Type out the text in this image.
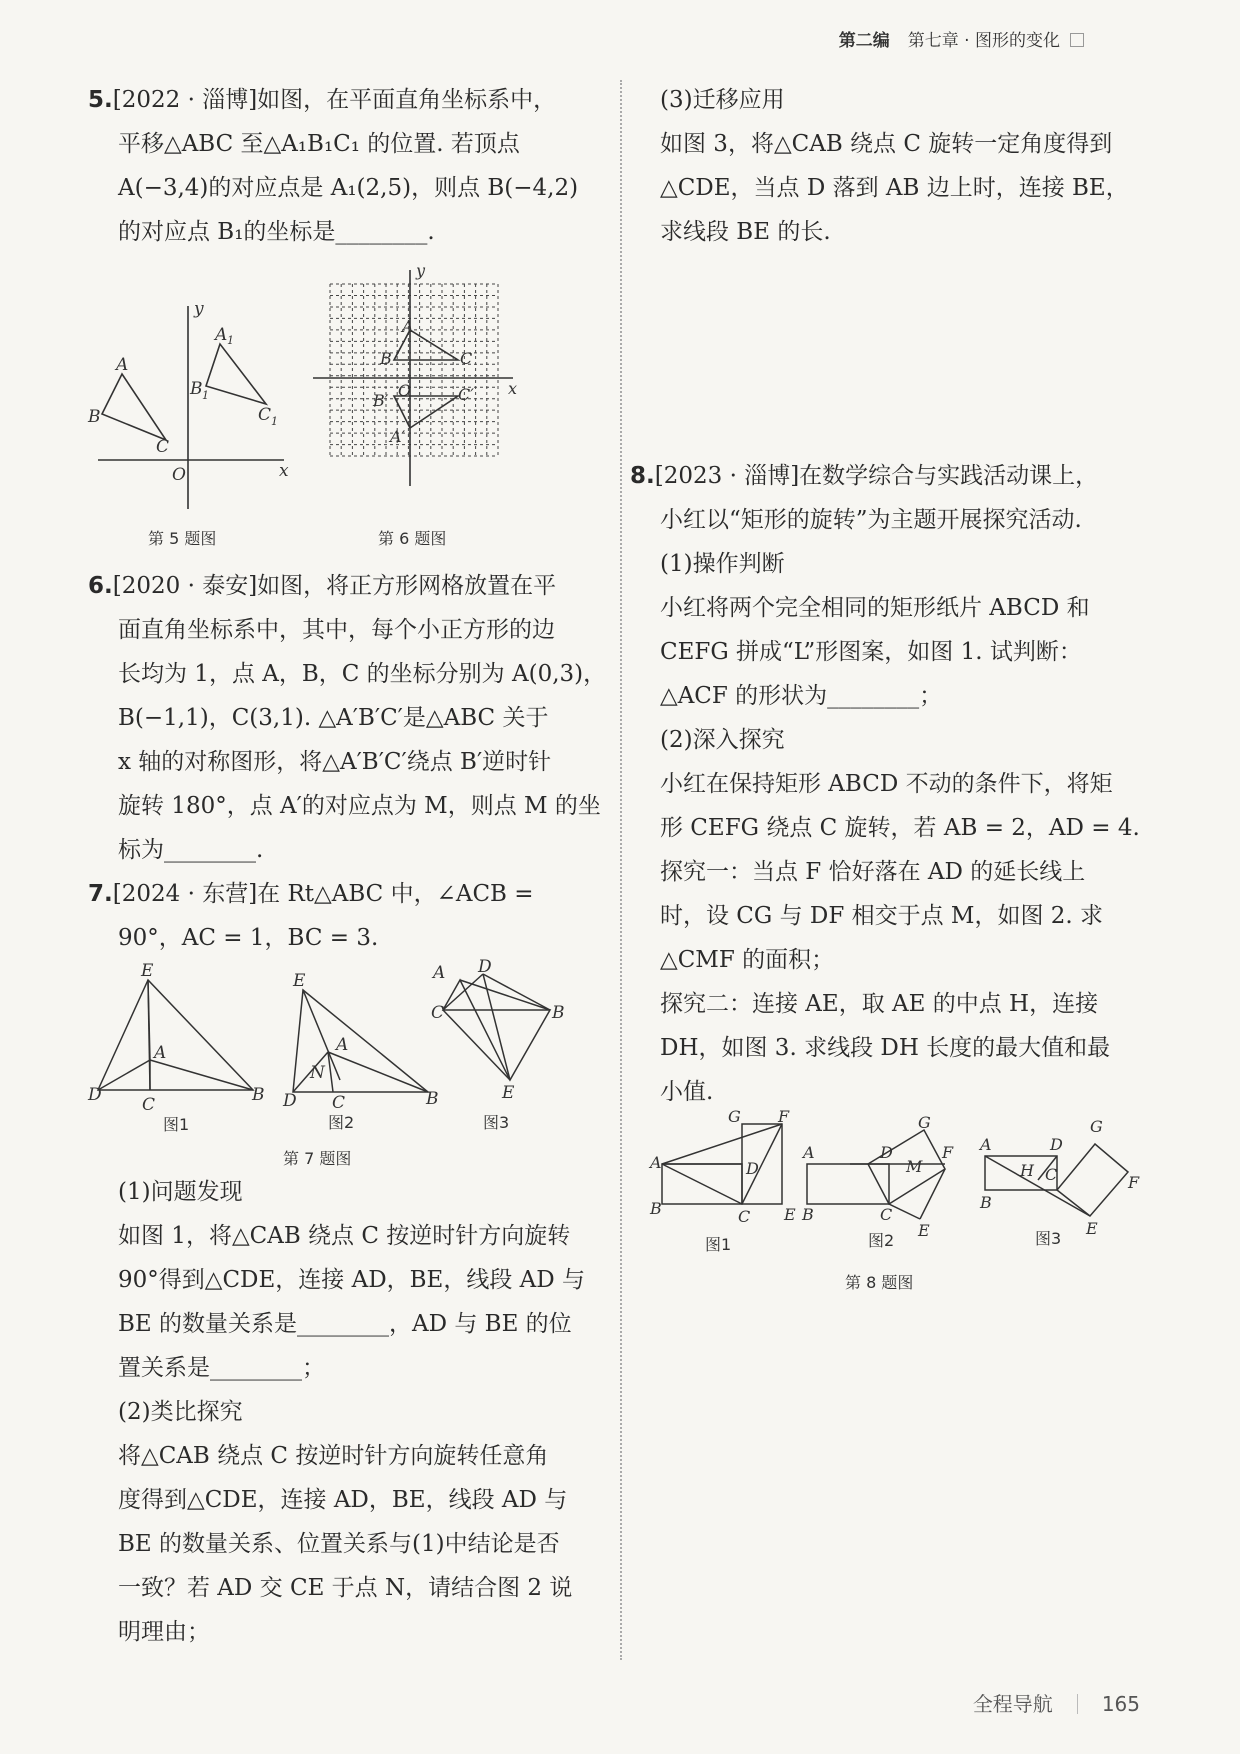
第二编 第七章 · 图形的变化
5.[2022 · 淄博]如图，在平面直角坐标系中，
平移△ABC 至△A₁B₁C₁ 的位置. 若顶点
A(−3,4)的对应点是 A₁(2,5)，则点 B(−4,2)
的对应点 B₁的坐标是________.
x
y
O
A
B
C
A
B
C
1
1
1
第 5 题图
x
y
O
A
B	C
B′	C′
A′
第 6 题图
6.[2020 · 泰安]如图，将正方形网格放置在平
面直角坐标系中，其中，每个小正方形的边
长均为 1，点 A，B，C 的坐标分别为 A(0,3)，
B(−1,1)，C(3,1). △A′B′C′是△ABC 关于
x 轴的对称图形，将△A′B′C′绕点 B′逆时针
旋转 180°，点 A′的对应点为 M，则点 M 的坐
标为________.
7.[2024 · 东营]在 Rt△ABC 中，∠ACB =
90°，AC = 1，BC = 3.
E
A
D C	B
E
A
N
D C	B
A D
C	B
E
图1	图2	图3
第 7 题图
(1)问题发现
如图 1，将△CAB 绕点 C 按逆时针方向旋转
90°得到△CDE，连接 AD，BE，线段 AD 与
BE 的数量关系是________，AD 与 BE 的位
置关系是________；
(2)类比探究
将△CAB 绕点 C 按逆时针方向旋转任意角
度得到△CDE，连接 AD，BE，线段 AD 与
BE 的数量关系、位置关系与(1)中结论是否
一致？若 AD 交 CE 于点 N，请结合图 2 说
明理由；
(3)迁移应用
如图 3，将△CAB 绕点 C 旋转一定角度得到
△CDE，当点 D 落到 AB 边上时，连接 BE，
求线段 BE 的长.
8.[2023 · 淄博]在数学综合与实践活动课上，
小红以“矩形的旋转”为主题开展探究活动.
(1)操作判断
小红将两个完全相同的矩形纸片 ABCD 和
CEFG 拼成“L”形图案，如图 1. 试判断：
△ACF 的形状为________；
(2)深入探究
小红在保持矩形 ABCD 不动的条件下，将矩
形 CEFG 绕点 C 旋转，若 AB = 2，AD = 4.
探究一：当点 F 恰好落在 AD 的延长线上
时，设 CG 与 DF 相交于点 M，如图 2. 求
△CMF 的面积；
探究二：连接 AE，取 AE 的中点 H，连接
DH，如图 3. 求线段 DH 长度的最大值和最
小值.
A
B	C
G F
D
E
A
B	C
D
M
G
F
E
A
B
C
D
H
G
F
E
图1	图2	图3
第 8 题图
全程导航 165
